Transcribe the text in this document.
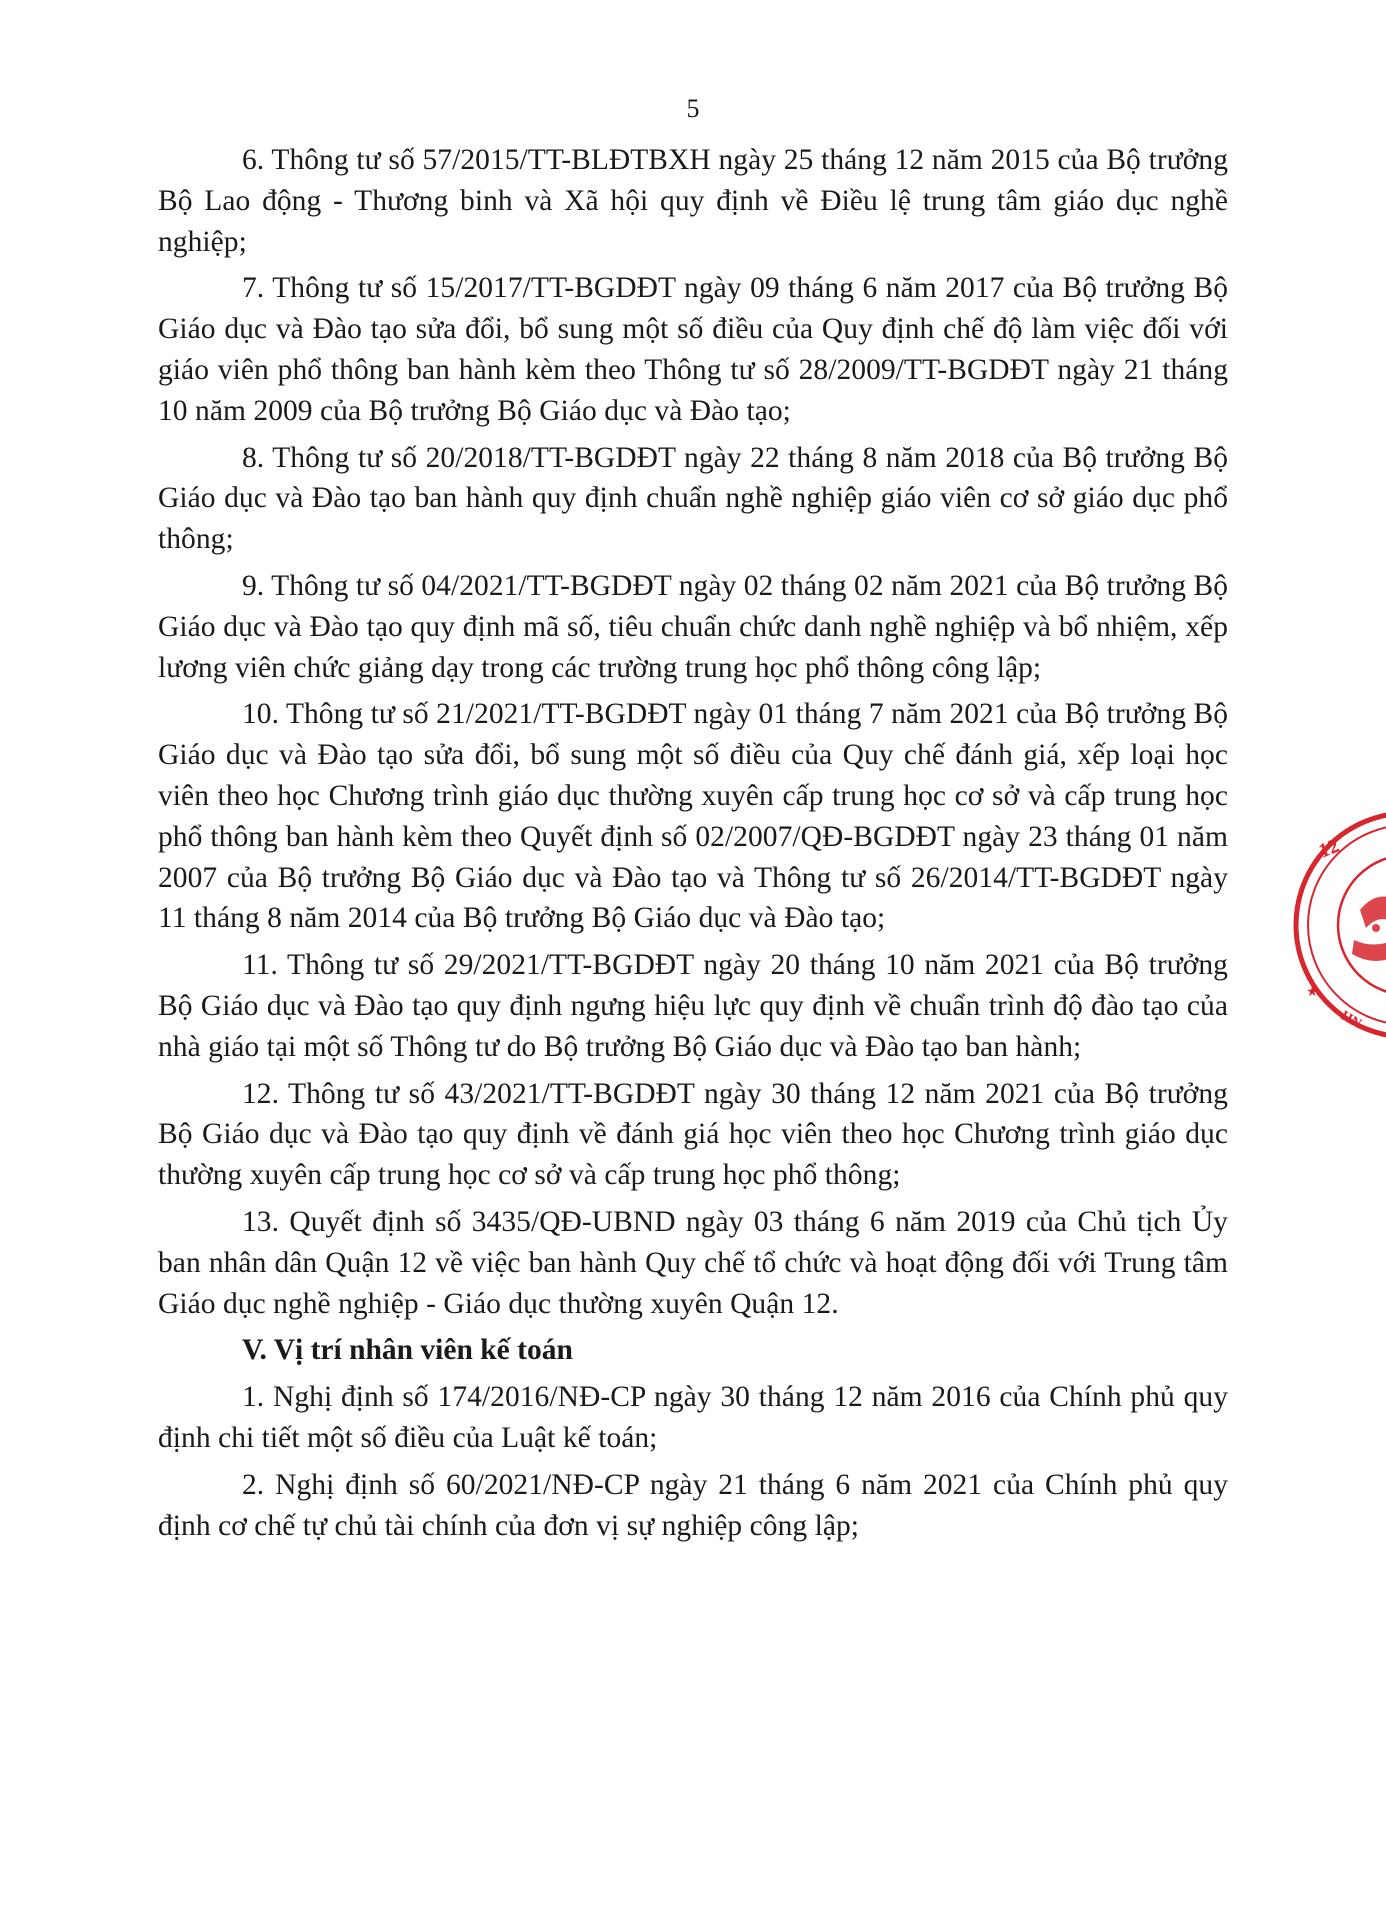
5

6. Thông tư số 57/2015/TT-BLĐTBXH ngày 25 tháng 12 năm 2015 của Bộ trưởng Bộ Lao động - Thương binh và Xã hội quy định về Điều lệ trung tâm giáo dục nghề nghiệp;

7. Thông tư số 15/2017/TT-BGDĐT ngày 09 tháng 6 năm 2017 của Bộ trưởng Bộ Giáo dục và Đào tạo sửa đổi, bổ sung một số điều của Quy định chế độ làm việc đối với giáo viên phổ thông ban hành kèm theo Thông tư số 28/2009/TT-BGDĐT ngày 21 tháng 10 năm 2009 của Bộ trưởng Bộ Giáo dục và Đào tạo;

8. Thông tư số 20/2018/TT-BGDĐT ngày 22 tháng 8 năm 2018 của Bộ trưởng Bộ Giáo dục và Đào tạo ban hành quy định chuẩn nghề nghiệp giáo viên cơ sở giáo dục phổ thông;

9. Thông tư số 04/2021/TT-BGDĐT ngày 02 tháng 02 năm 2021 của Bộ trưởng Bộ Giáo dục và Đào tạo quy định mã số, tiêu chuẩn chức danh nghề nghiệp và bổ nhiệm, xếp lương viên chức giảng dạy trong các trường trung học phổ thông công lập;

10. Thông tư số 21/2021/TT-BGDĐT ngày 01 tháng 7 năm 2021 của Bộ trưởng Bộ Giáo dục và Đào tạo sửa đổi, bổ sung một số điều của Quy chế đánh giá, xếp loại học viên theo học Chương trình giáo dục thường xuyên cấp trung học cơ sở và cấp trung học phổ thông ban hành kèm theo Quyết định số 02/2007/QĐ-BGDĐT ngày 23 tháng 01 năm 2007 của Bộ trưởng Bộ Giáo dục và Đào tạo và Thông tư số 26/2014/TT-BGDĐT ngày 11 tháng 8 năm 2014 của Bộ trưởng Bộ Giáo dục và Đào tạo;

11. Thông tư số 29/2021/TT-BGDĐT ngày 20 tháng 10 năm 2021 của Bộ trưởng Bộ Giáo dục và Đào tạo quy định ngưng hiệu lực quy định về chuẩn trình độ đào tạo của nhà giáo tại một số Thông tư do Bộ trưởng Bộ Giáo dục và Đào tạo ban hành;

12. Thông tư số 43/2021/TT-BGDĐT ngày 30 tháng 12 năm 2021 của Bộ trưởng Bộ Giáo dục và Đào tạo quy định về đánh giá học viên theo học Chương trình giáo dục thường xuyên cấp trung học cơ sở và cấp trung học phổ thông;

13. Quyết định số 3435/QĐ-UBND ngày 03 tháng 6 năm 2019 của Chủ tịch Ủy ban nhân dân Quận 12 về việc ban hành Quy chế tổ chức và hoạt động đối với Trung tâm Giáo dục nghề nghiệp - Giáo dục thường xuyên Quận 12.

V. Vị trí nhân viên kế toán

1. Nghị định số 174/2016/NĐ-CP ngày 30 tháng 12 năm 2016 của Chính phủ quy định chi tiết một số điều của Luật kế toán;

2. Nghị định số 60/2021/NĐ-CP ngày 21 tháng 6 năm 2021 của Chính phủ quy định cơ chế tự chủ tài chính của đơn vị sự nghiệp công lập;

12
HN
★
